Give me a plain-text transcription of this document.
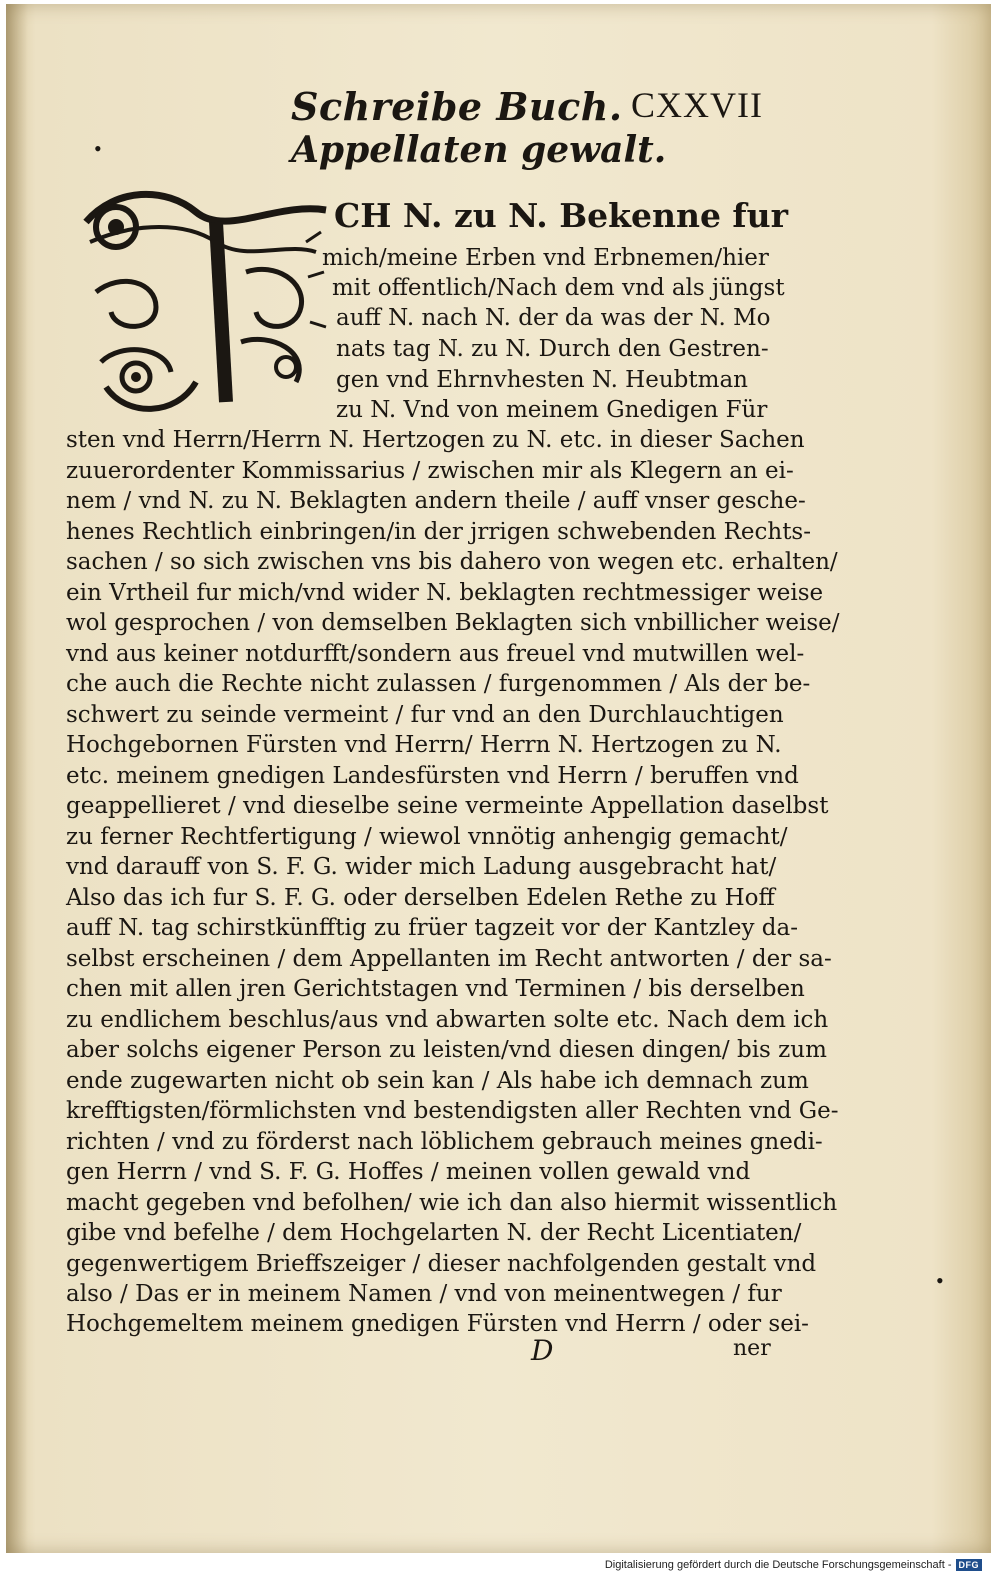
Schreibe Buch. CXXVII
•
•
Appellaten gewalt.
CH N. zu N. Bekenne fur
mich/meine Erben vnd Erbnemen/hier
mit offentlich/Nach dem vnd als jüngst
auff N. nach N. der da was der N. Mo
nats tag N. zu N. Durch den Gestren-
gen vnd Ehrnvhesten N. Heubtman
zu N. Vnd von meinem Gnedigen Für
sten vnd Herrn/Herrn N. Hertzogen zu N. etc. in dieser Sachen
zuuerordenter Kommissarius / zwischen mir als Klegern an ei-
nem / vnd N. zu N. Beklagten andern theile / auff vnser gesche-
henes Rechtlich einbringen/in der jrrigen schwebenden Rechts-
sachen / so sich zwischen vns bis dahero von wegen etc. erhalten/
ein Vrtheil fur mich/vnd wider N. beklagten rechtmessiger weise
wol gesprochen / von demselben Beklagten sich vnbillicher weise/
vnd aus keiner notdurfft/sondern aus freuel vnd mutwillen wel-
che auch die Rechte nicht zulassen / furgenommen / Als der be-
schwert zu seinde vermeint / fur vnd an den Durchlauchtigen
Hochgebornen Fürsten vnd Herrn/ Herrn N. Hertzogen zu N.
etc. meinem gnedigen Landesfürsten vnd Herrn / beruffen vnd
geappellieret / vnd dieselbe seine vermeinte Appellation daselbst
zu ferner Rechtfertigung / wiewol vnnötig anhengig gemacht/
vnd darauff von S. F. G. wider mich Ladung ausgebracht hat/
Also das ich fur S. F. G. oder derselben Edelen Rethe zu Hoff
auff N. tag schirstkünfftig zu früer tagzeit vor der Kantzley da-
selbst erscheinen / dem Appellanten im Recht antworten / der sa-
chen mit allen jren Gerichtstagen vnd Terminen / bis derselben
zu endlichem beschlus/aus vnd abwarten solte etc. Nach dem ich
aber solchs eigener Person zu leisten/vnd diesen dingen/ bis zum
ende zugewarten nicht ob sein kan / Als habe ich demnach zum
krefftigsten/förmlichsten vnd bestendigsten aller Rechten vnd Ge-
richten / vnd zu förderst nach löblichem gebrauch meines gnedi-
gen Herrn / vnd S. F. G. Hoffes / meinen vollen gewald vnd
macht gegeben vnd befolhen/ wie ich dan also hiermit wissentlich
gibe vnd befelhe / dem Hochgelarten N. der Recht Licentiaten/
gegenwertigem Brieffszeiger / dieser nachfolgenden gestalt vnd
also / Das er in meinem Namen / vnd von meinentwegen / fur
Hochgemeltem meinem gnedigen Fürsten vnd Herrn / oder sei-
D	ner
Digitalisierung gefördert durch die Deutsche Forschungsgemeinschaft - DFG
